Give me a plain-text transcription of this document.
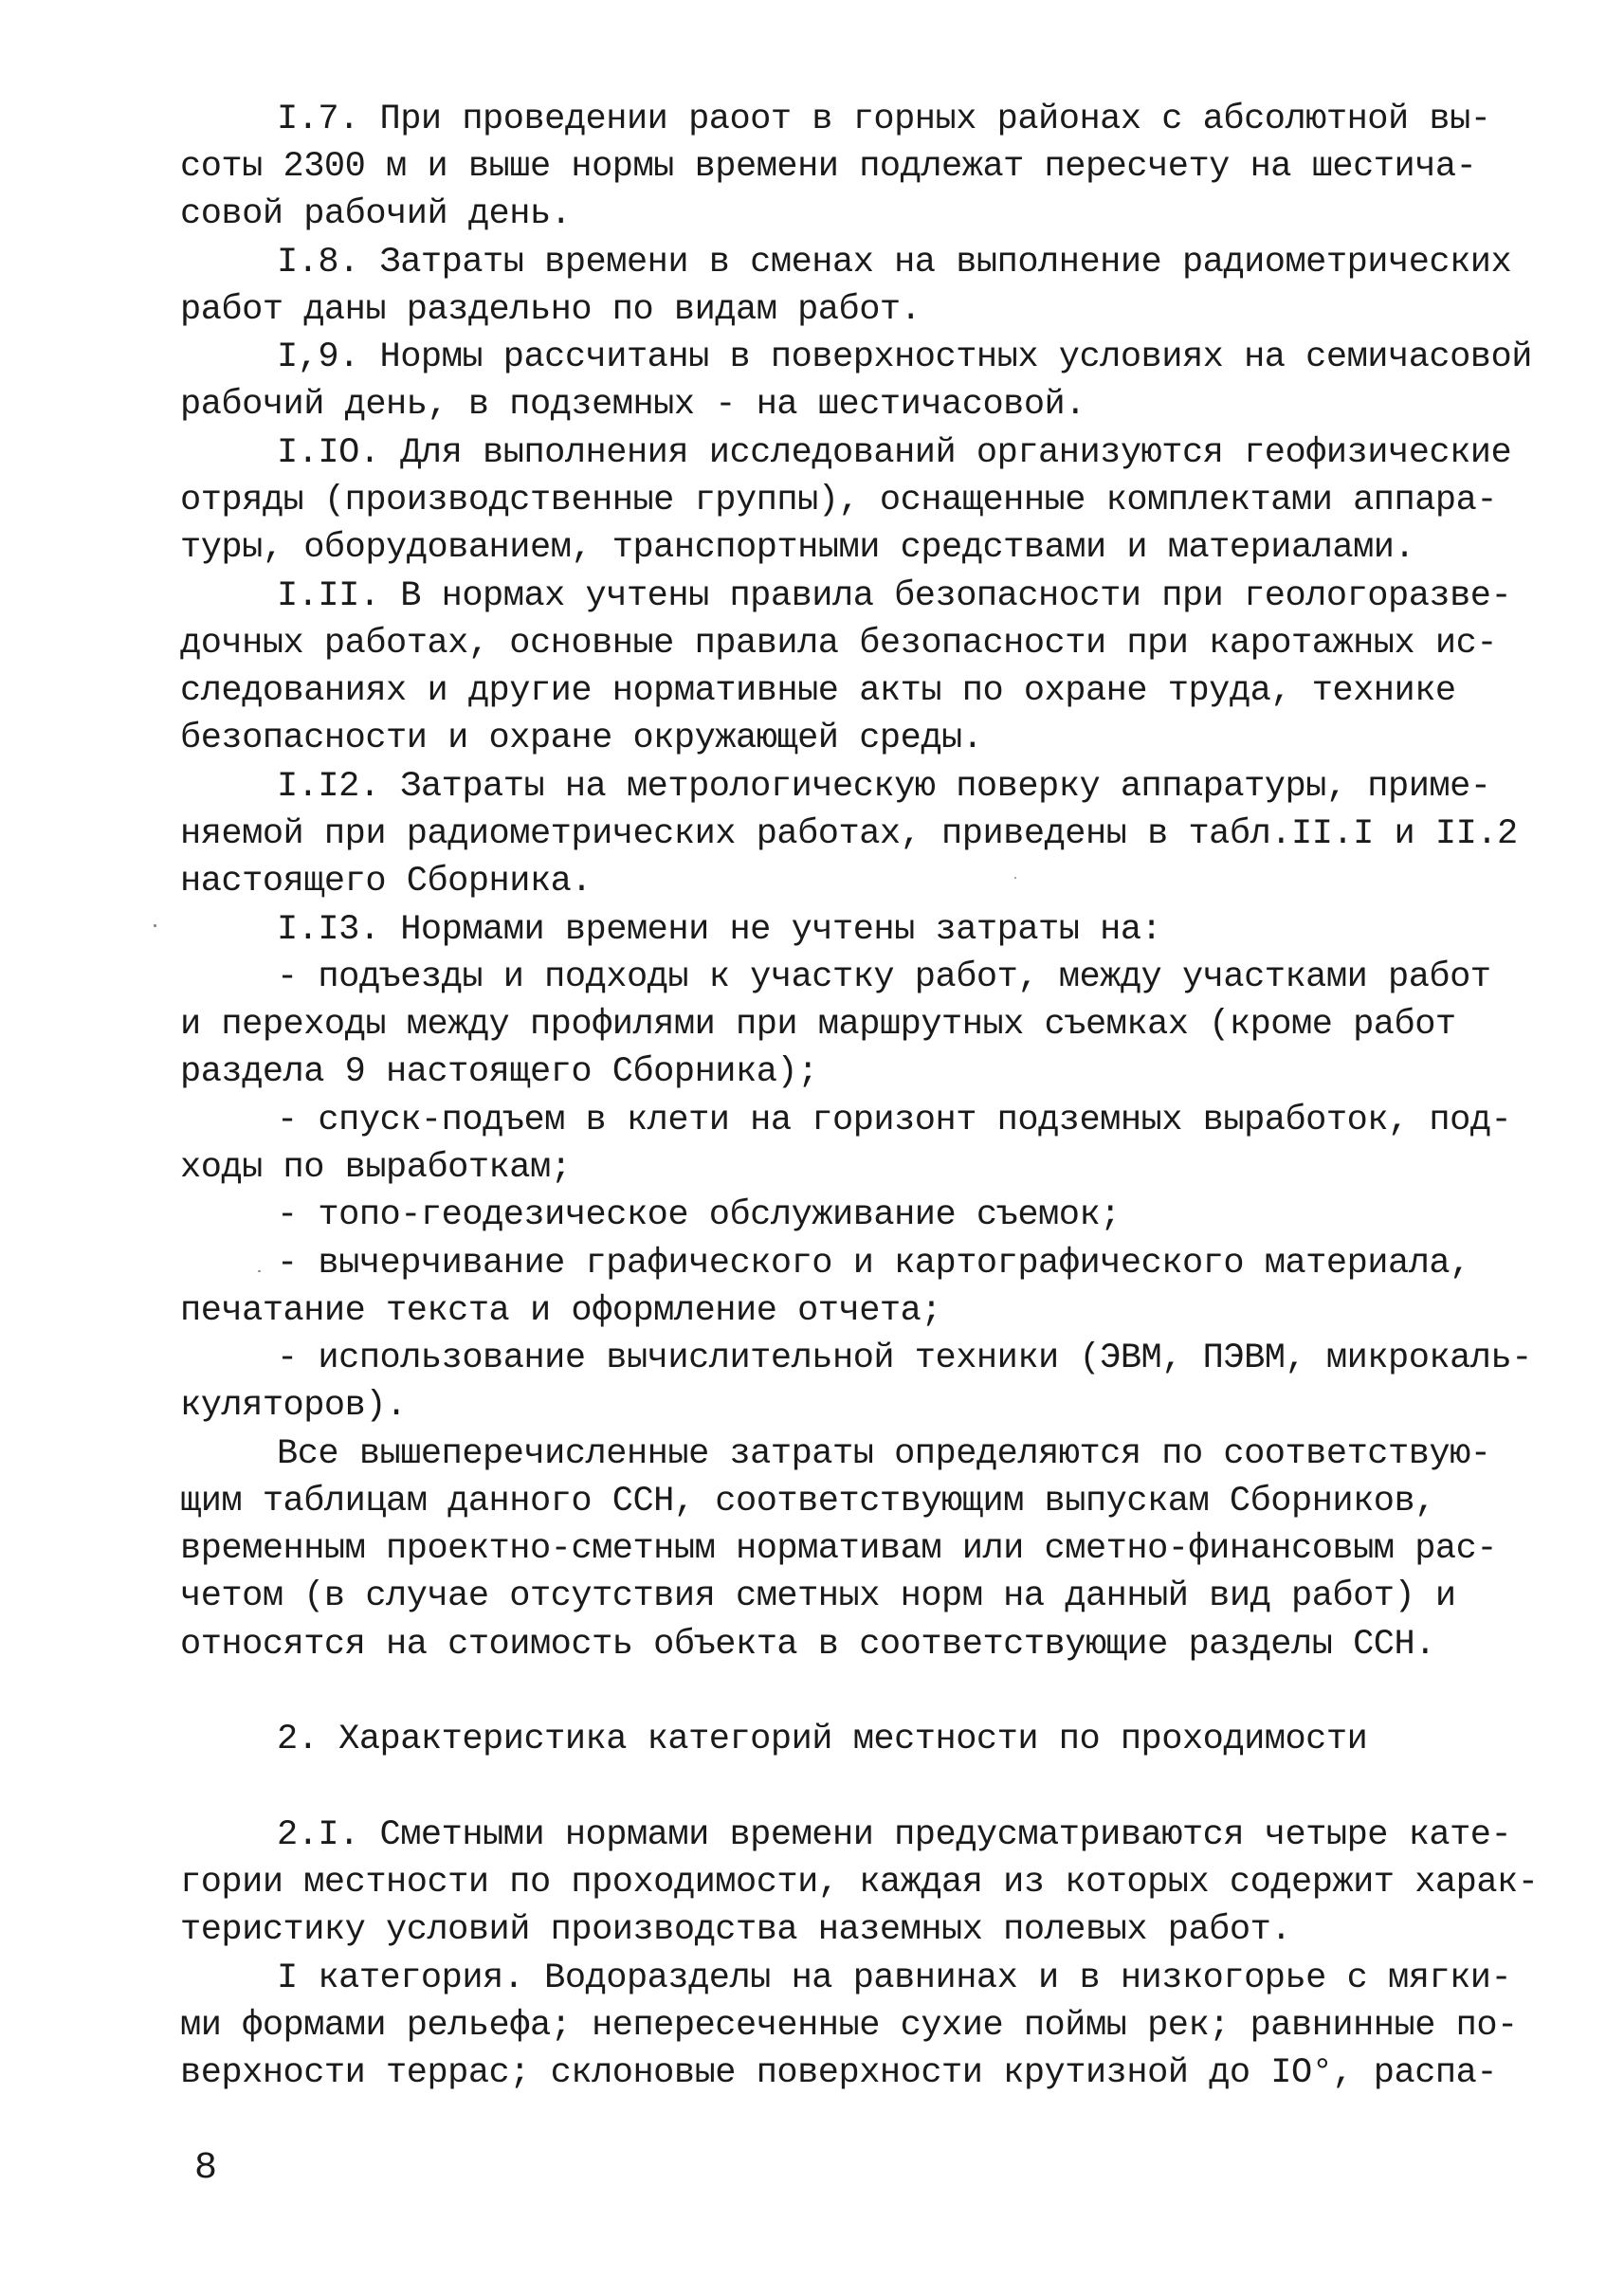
I.7. При проведении раоот в горных районах с абсолютной вы-
соты 2300 м и выше нормы времени подлежат пересчету на шестича-
совой рабочий день.
I.8. Затраты времени в сменах на выполнение радиометрических
работ даны раздельно по видам работ.
I,9. Нормы рассчитаны в поверхностных условиях на семичасовой
рабочий день, в подземных - на шестичасовой.
I.IO. Для выполнения исследований организуются геофизические
отряды (производственные группы), оснащенные комплектами аппара-
туры, оборудованием, транспортными средствами и материалами.
I.II. В нормах учтены правила безопасности при геологоразве-
дочных работах, основные правила безопасности при каротажных ис-
следованиях и другие нормативные акты по охране труда, технике
безопасности и охране окружающей среды.
I.I2. Затраты на метрологическую поверку аппаратуры, приме-
няемой при радиометрических работах, приведены в табл.II.I и II.2
настоящего Сборника.
I.I3. Нормами времени не учтены затраты на:
- подъезды и подходы к участку работ, между участками работ
и переходы между профилями при маршрутных съемках (кроме работ
раздела 9 настоящего Сборника);
- спуск-подъем в клети на горизонт подземных выработок, под-
ходы по выработкам;
- топо-геодезическое обслуживание съемок;
- вычерчивание графического и картографического материала,
печатание текста и оформление отчета;
- использование вычислительной техники (ЭВМ, ПЭВМ, микрокаль-
куляторов).
Все вышеперечисленные затраты определяются по соответствую-
щим таблицам данного ССН, соответствующим выпускам Сборников,
временным проектно-сметным нормативам или сметно-финансовым рас-
четом (в случае отсутствия сметных норм на данный вид работ) и
относятся на стоимость объекта в соответствующие разделы ССН.
2. Характеристика категорий местности по проходимости
2.I. Сметными нормами времени предусматриваются четыре кате-
гории местности по проходимости, каждая из которых содержит харак-
теристику условий производства наземных полевых работ.
I категория. Водоразделы на равнинах и в низкогорье с мягки-
ми формами рельефа; непересеченные сухие поймы рек; равнинные по-
верхности террас; склоновые поверхности крутизной до IO°, распа-
8
